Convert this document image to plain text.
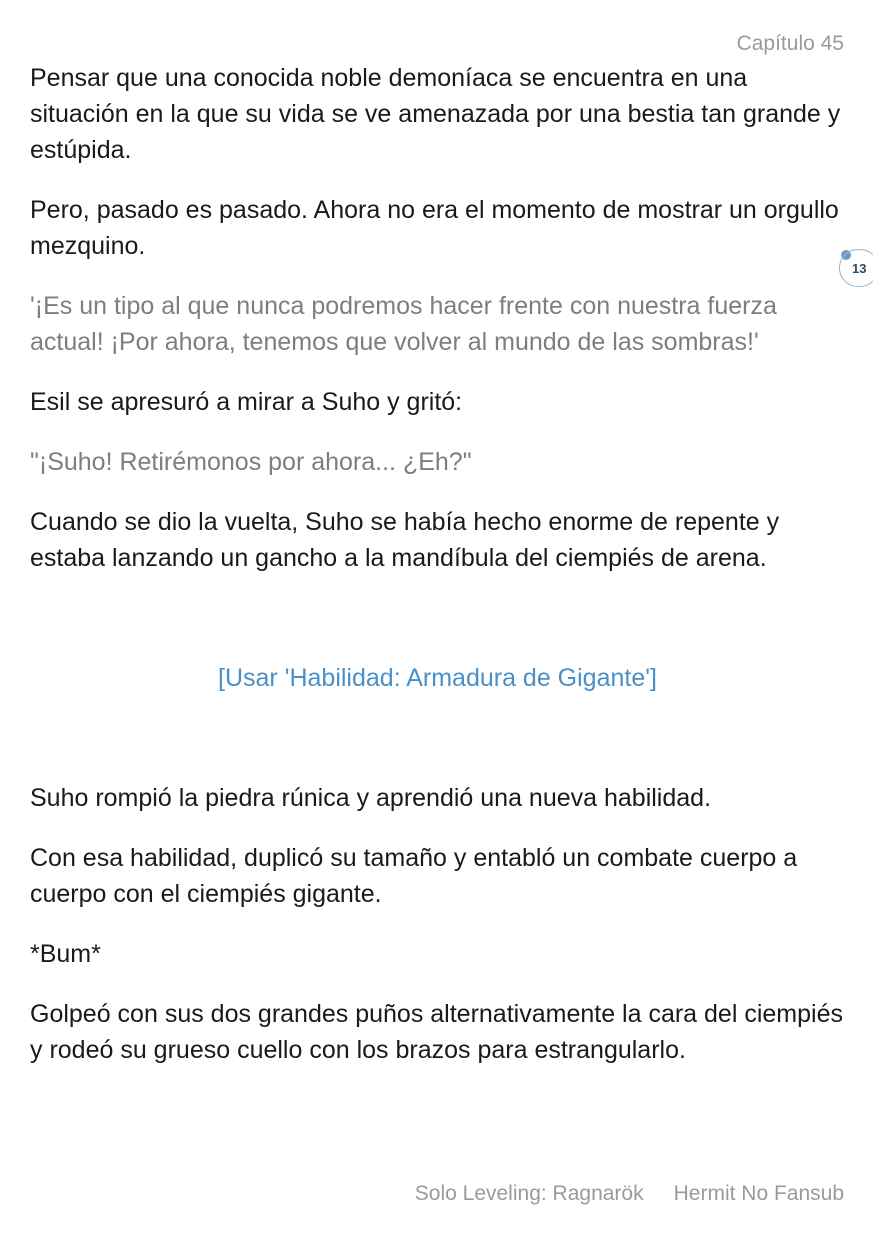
Capítulo 45
13

Pensar que una conocida noble demoníaca se encuentra en una situación en la que su vida se ve amenazada por una bestia tan grande y estúpida.

Pero, pasado es pasado. Ahora no era el momento de mostrar un orgullo mezquino.

'¡Es un tipo al que nunca podremos hacer frente con nuestra fuerza actual! ¡Por ahora, tenemos que volver al mundo de las sombras!'

Esil se apresuró a mirar a Suho y gritó:

"¡Suho! Retirémonos por ahora... ¿Eh?"

Cuando se dio la vuelta, Suho se había hecho enorme de repente y estaba lanzando un gancho a la mandíbula del ciempiés de arena.

[Usar 'Habilidad: Armadura de Gigante']

Suho rompió la piedra rúnica y aprendió una nueva habilidad.

Con esa habilidad, duplicó su tamaño y entabló un combate cuerpo a cuerpo con el ciempiés gigante.

*Bum*

Golpeó con sus dos grandes puños alternativamente la cara del ciempiés y rodeó su grueso cuello con los brazos para estrangularlo.

Solo Leveling: Ragnarök Hermit No Fansub
